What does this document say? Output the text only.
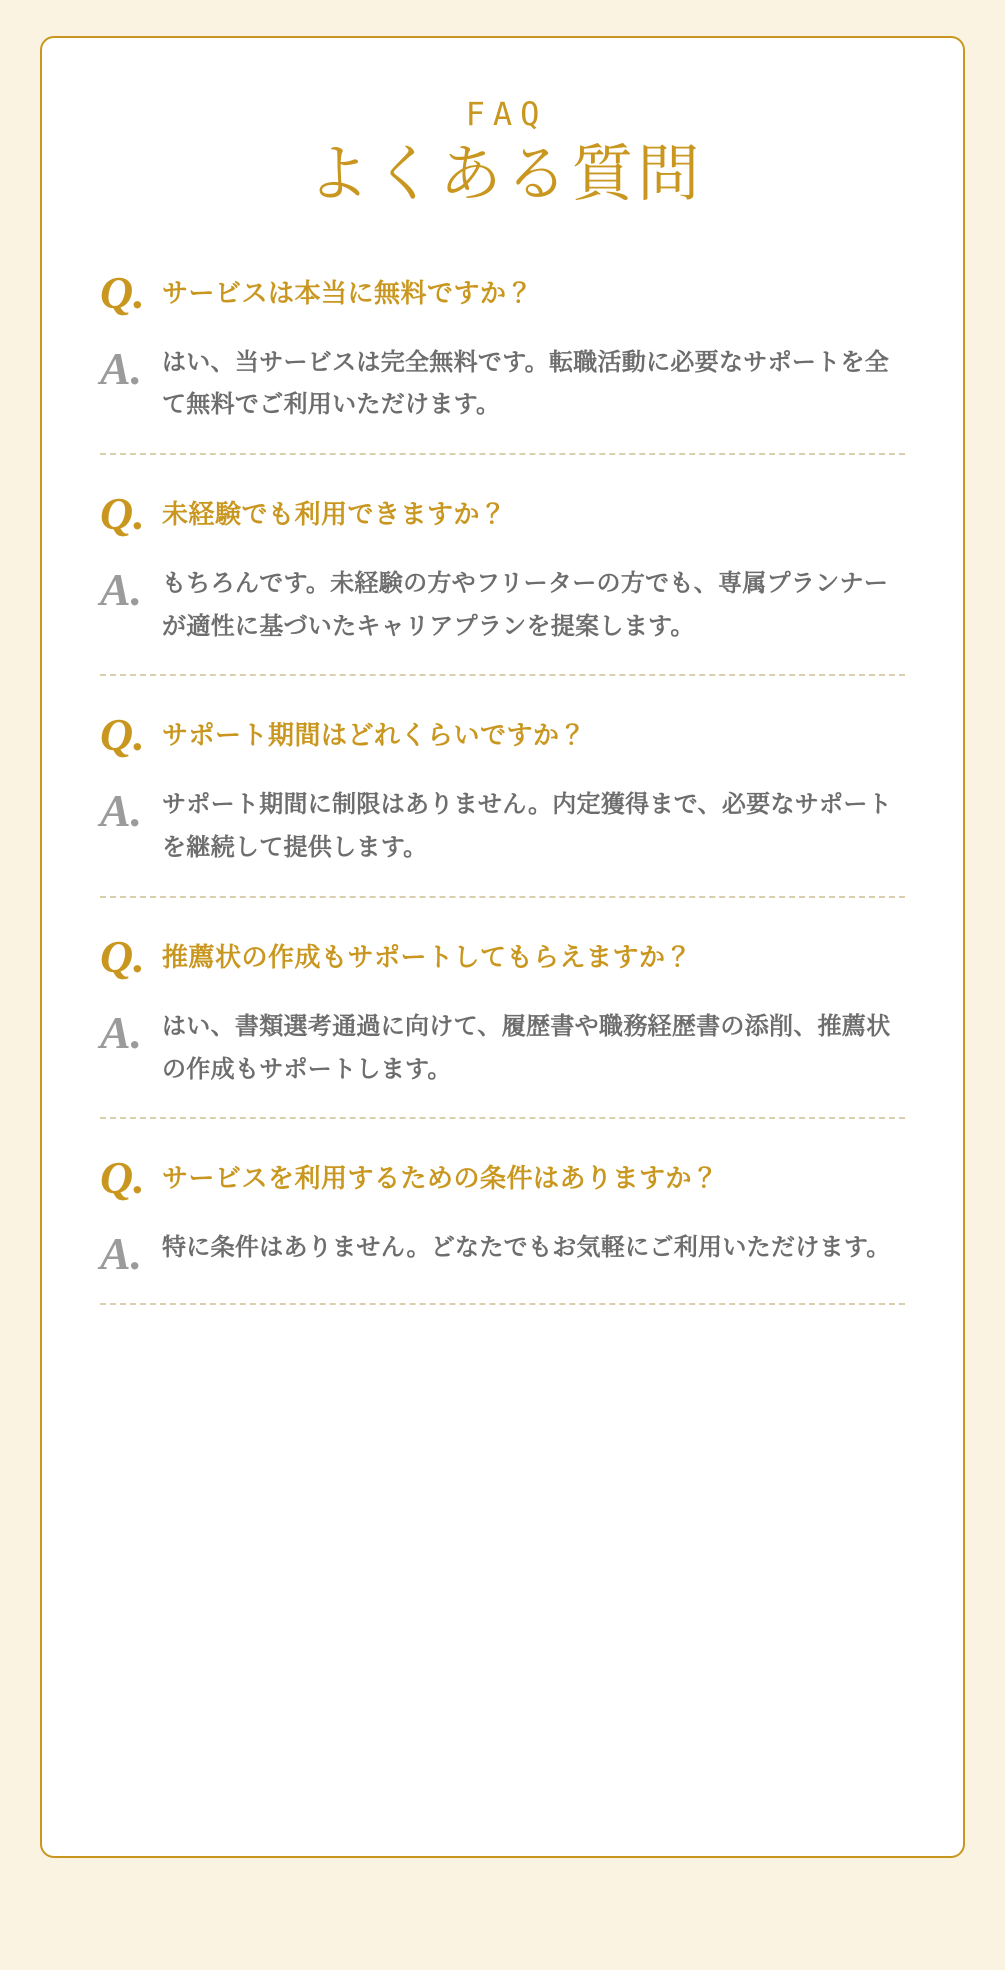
FAQ
よくある質問
Q. サービスは本当に無料ですか？
A. はい、当サービスは完全無料です。転職活動に必要なサポートを全て無料でご利用いただけます。
Q. 未経験でも利用できますか？
A. もちろんです。未経験の方やフリーターの方でも、専属プランナーが適性に基づいたキャリアプランを提案します。
Q. サポート期間はどれくらいですか？
A. サポート期間に制限はありません。内定獲得まで、必要なサポートを継続して提供します。
Q. 推薦状の作成もサポートしてもらえますか？
A. はい、書類選考通過に向けて、履歴書や職務経歴書の添削、推薦状の作成もサポートします。
Q. サービスを利用するための条件はありますか？
A. 特に条件はありません。どなたでもお気軽にご利用いただけます。
